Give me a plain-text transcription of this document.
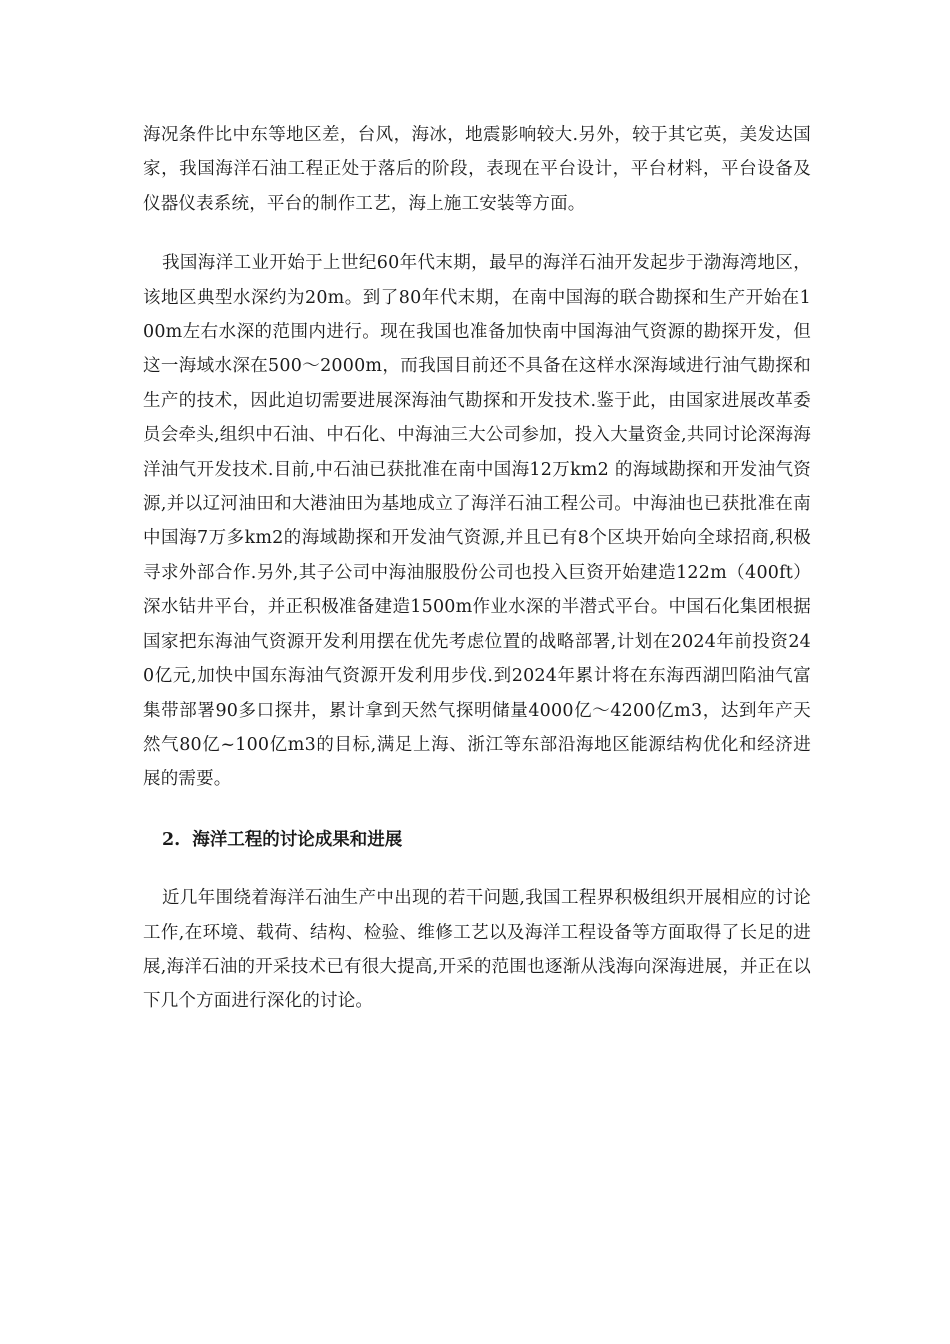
海况条件比中东等地区差，台风，海冰，地震影响较大.另外，较于其它英，美发达国家，我国海洋石油工程正处于落后的阶段，表现在平台设计，平台材料，平台设备及仪器仪表系统，平台的制作工艺，海上施工安装等方面。

我国海洋工业开始于上世纪60年代末期，最早的海洋石油开发起步于渤海湾地区，该地区典型水深约为20m。到了80年代末期，在南中国海的联合勘探和生产开始在100m左右水深的范围内进行。现在我国也准备加快南中国海油气资源的勘探开发，但这一海域水深在500～2000m，而我国目前还不具备在这样水深海域进行油气勘探和生产的技术，因此迫切需要进展深海油气勘探和开发技术.鉴于此，由国家进展改革委员会牵头,组织中石油、中石化、中海油三大公司参加，投入大量资金,共同讨论深海海洋油气开发技术.目前,中石油已获批准在南中国海12万km2 的海域勘探和开发油气资源,并以辽河油田和大港油田为基地成立了海洋石油工程公司。中海油也已获批准在南中国海7万多km2的海域勘探和开发油气资源,并且已有8个区块开始向全球招商,积极寻求外部合作.另外,其子公司中海油服股份公司也投入巨资开始建造122m（400ft）深水钻井平台，并正积极准备建造1500m作业水深的半潜式平台。中国石化集团根据国家把东海油气资源开发利用摆在优先考虑位置的战略部署,计划在2024年前投资240亿元,加快中国东海油气资源开发利用步伐.到2024年累计将在东海西湖凹陷油气富集带部署90多口探井，累计拿到天然气探明储量4000亿～4200亿m3，达到年产天然气80亿~100亿m3的目标,满足上海、浙江等东部沿海地区能源结构优化和经济进展的需要。

2. 海洋工程的讨论成果和进展

近几年围绕着海洋石油生产中出现的若干问题,我国工程界积极组织开展相应的讨论工作,在环境、载荷、结构、检验、维修工艺以及海洋工程设备等方面取得了长足的进展,海洋石油的开采技术已有很大提高,开采的范围也逐渐从浅海向深海进展，并正在以下几个方面进行深化的讨论。
